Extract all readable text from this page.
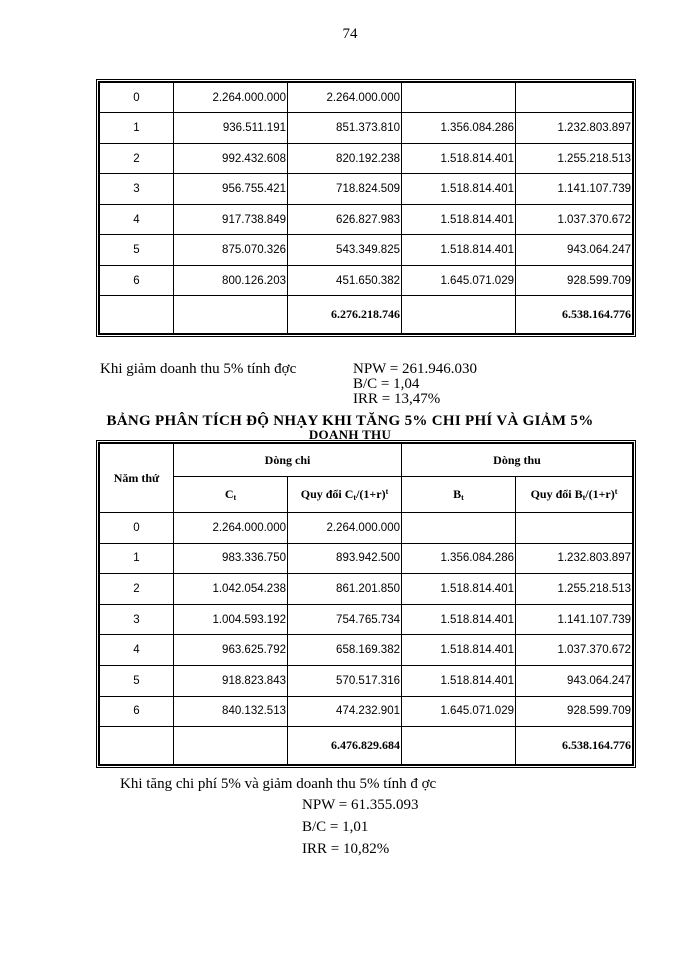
74
0	2.264.000.000	2.264.000.000		
1	936.511.191	851.373.810	1.356.084.286	1.232.803.897
2	992.432.608	820.192.238	1.518.814.401	1.255.218.513
3	956.755.421	718.824.509	1.518.814.401	1.141.107.739
4	917.738.849	626.827.983	1.518.814.401	1.037.370.672
5	875.070.326	543.349.825	1.518.814.401	943.064.247
6	800.126.203	451.650.382	1.645.071.029	928.599.709
		6.276.218.746		6.538.164.776
Khi giảm doanh thu 5% tính đợc	NPW = 261.946.030
B/C = 1,04
IRR = 13,47%
BẢNG PHÂN TÍCH ĐỘ NHẠY KHI TĂNG 5% CHI PHÍ VÀ GIẢM 5%
DOANH THU
Năm thứ	Dòng chi		Dòng thu	
	$C_t$	Quy đổi $C_t/(1+r)^t$	$B_t$	Quy đổi $B_t/(1+r)^t$
0	2.264.000.000	2.264.000.000		
1	983.336.750	893.942.500	1.356.084.286	1.232.803.897
2	1.042.054.238	861.201.850	1.518.814.401	1.255.218.513
3	1.004.593.192	754.765.734	1.518.814.401	1.141.107.739
4	963.625.792	658.169.382	1.518.814.401	1.037.370.672
5	918.823.843	570.517.316	1.518.814.401	943.064.247
6	840.132.513	474.232.901	1.645.071.029	928.599.709
		6.476.829.684		6.538.164.776
Khi tăng chi phí 5% và giảm doanh thu 5% tính đ ợc
NPW = 61.355.093
B/C = 1,01
IRR = 10,82%
